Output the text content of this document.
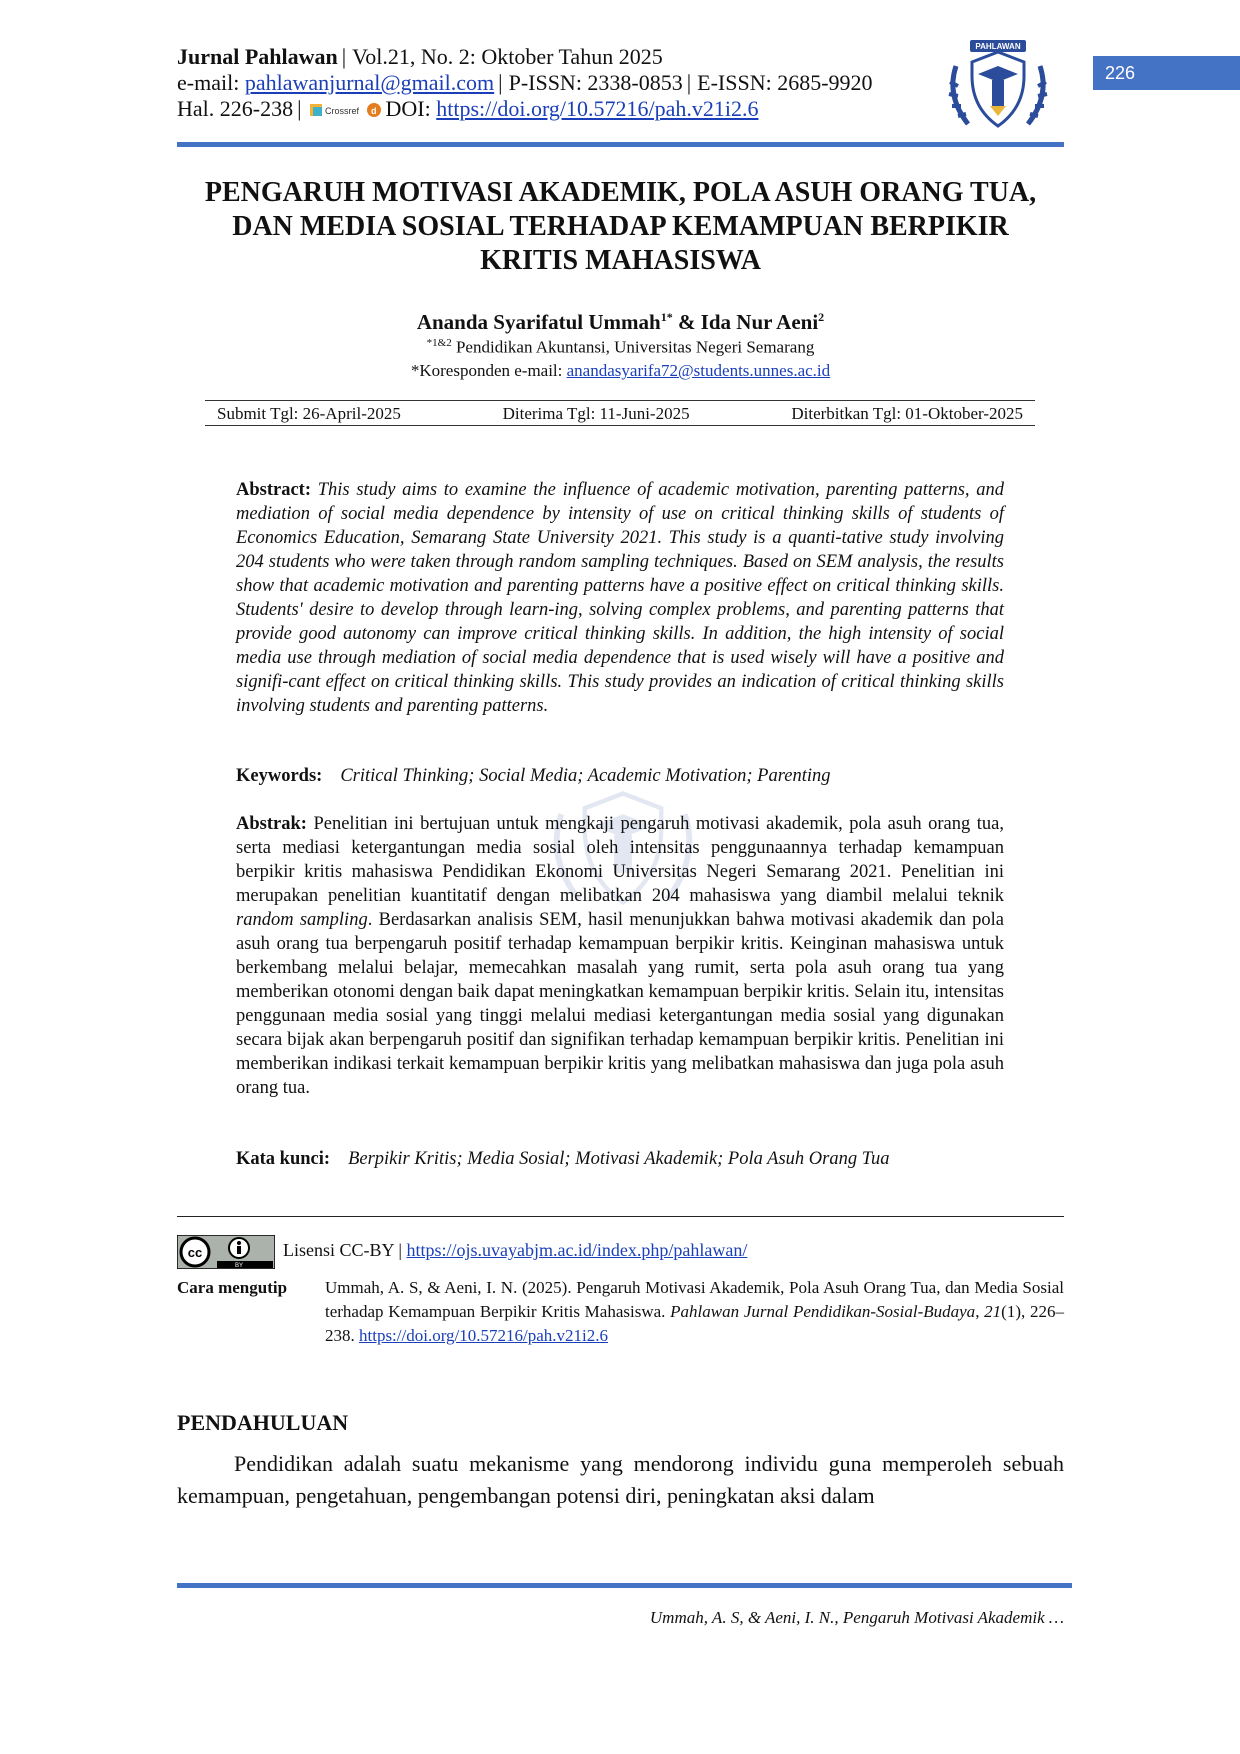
Jurnal Pahlawan | Vol.21, No. 2: Oktober Tahun 2025
e-mail: pahlawanjurnal@gmail.com | P-ISSN: 2338-0853 | E-ISSN: 2685-9920
Hal. 226-238 |	Crossref d DOI: https://doi.org/10.57216/pah.v21i2.6
PAHLAWAN
226
PENGARUH MOTIVASI AKADEMIK, POLA ASUH ORANG TUA,
DAN MEDIA SOSIAL TERHADAP KEMAMPUAN BERPIKIR
KRITIS MAHASISWA
Ananda Syarifatul Ummah$^{1*}$ & Ida Nur Aeni$^2$
$^{*1\&2}$ Pendidikan Akuntansi, Universitas Negeri Semarang
*Koresponden e-mail: anandasyarifa72@students.unnes.ac.id
Submit Tgl: 26-April-2025	Diterima Tgl: 11-Juni-2025	Diterbitkan Tgl: 01-Oktober-2025
Abstract: This study aims to examine the influence of academic motivation, parenting patterns, and mediation of social media dependence by intensity of use on critical thinking skills of students of Economics Education, Semarang State University 2021. This study is a quanti-tative study involving 204 students who were taken through random sampling techniques. Based on SEM analysis, the results show that academic motivation and parenting patterns have a positive effect on critical thinking skills. Students' desire to develop through learn-ing, solving complex problems, and parenting patterns that provide good autonomy can improve critical thinking skills. In addition, the high intensity of social media use through mediation of social media dependence that is used wisely will have a positive and signifi-cant effect on critical thinking skills. This study provides an indication of critical thinking skills involving students and parenting patterns.
Keywords: Critical Thinking; Social Media; Academic Motivation; Parenting
Abstrak: Penelitian ini bertujuan untuk mengkaji pengaruh motivasi akademik, pola asuh orang tua, serta mediasi ketergantungan media sosial oleh intensitas penggunaannya terhadap kemampuan berpikir kritis mahasiswa Pendidikan Ekonomi Universitas Negeri Semarang 2021. Penelitian ini merupakan penelitian kuantitatif dengan melibatkan 204 mahasiswa yang diambil melalui teknik random sampling. Berdasarkan analisis SEM, hasil menunjukkan bahwa motivasi akademik dan pola asuh orang tua berpengaruh positif terhadap kemampuan berpikir kritis. Keinginan mahasiswa untuk berkembang melalui belajar, memecahkan masalah yang rumit, serta pola asuh orang tua yang memberikan otonomi dengan baik dapat meningkatkan kemampuan berpikir kritis. Selain itu, intensitas penggunaan media sosial yang tinggi melalui mediasi ketergantungan media sosial yang digunakan secara bijak akan berpengaruh positif dan signifikan terhadap kemampuan berpikir kritis. Penelitian ini memberikan indikasi terkait kemampuan berpikir kritis yang melibatkan mahasiswa dan juga pola asuh orang tua.
Kata kunci: Berpikir Kritis; Media Sosial; Motivasi Akademik; Pola Asuh Orang Tua
cc
BY
Lisensi CC-BY | https://ojs.uvayabjm.ac.id/index.php/pahlawan/
Cara mengutip Ummah, A. S, & Aeni, I. N. (2025). Pengaruh Motivasi Akademik, Pola Asuh Orang Tua, dan Media Sosial terhadap Kemampuan Berpikir Kritis Mahasiswa. Pahlawan Jurnal Pendidikan-Sosial-Budaya, 21(1), 226–238. https://doi.org/10.57216/pah.v21i2.6
PENDAHULUAN
Pendidikan adalah suatu mekanisme yang mendorong individu guna memperoleh sebuah kemampuan, pengetahuan, pengembangan potensi diri, peningkatan aksi dalam
Ummah, A. S, & Aeni, I. N., Pengaruh Motivasi Akademik …
